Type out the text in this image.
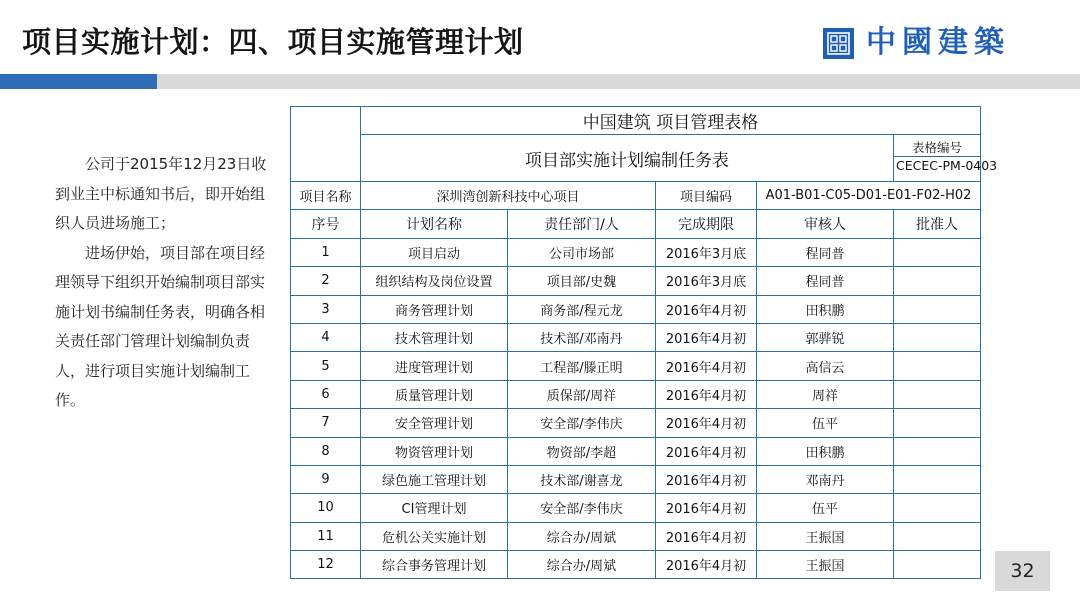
项目实施计划：四、项目实施管理计划	中國建築

公司于2015年12月23日收到业主中标通知书后，即开始组织人员进场施工；

进场伊始，项目部在项目经理领导下组织开始编制项目部实施计划书编制任务表，明确各相关责任部门管理计划编制负责人，进行项目实施计划编制工作。

	中国建筑 项目管理表格				
	项目部实施计划编制任务表				表格编号
CECEC-PM-0403
项目名称	深圳湾创新科技中心项目		项目编码	A01-B01-C05-D01-E01-F02-H02	
序号	计划名称	责任部门/人	完成期限	审核人	批准人
1	项目启动	公司市场部	2016年3月底	程同普	
2	组织结构及岗位设置	项目部/史魏	2016年3月底	程同普	
3	商务管理计划	商务部/程元龙	2016年4月初	田积鹏	
4	技术管理计划	技术部/邓南丹	2016年4月初	郭骅锐	
5	进度管理计划	工程部/滕正明	2016年4月初	高信云	
6	质量管理计划	质保部/周祥	2016年4月初	周祥	
7	安全管理计划	安全部/李伟庆	2016年4月初	伍平	
8	物资管理计划	物资部/李超	2016年4月初	田积鹏	
9	绿色施工管理计划	技术部/谢喜龙	2016年4月初	邓南丹	
10	CI管理计划	安全部/李伟庆	2016年4月初	伍平	
11	危机公关实施计划	综合办/周斌	2016年4月初	王振国	
12	综合事务管理计划	综合办/周斌	2016年4月初	王振国		32
